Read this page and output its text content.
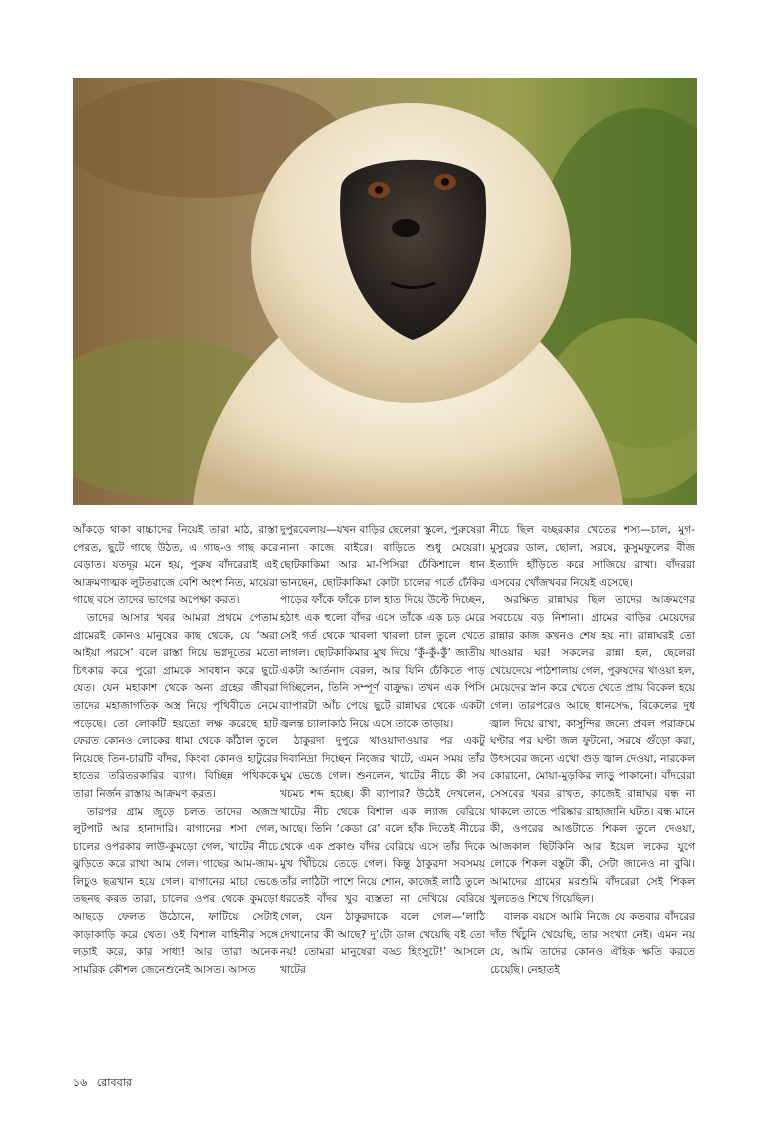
আঁকড়ে থাকা বাচ্চাদের নিয়েই তারা মাঠ, রাস্তা পেরত, ছুটে গাছে উঠত, এ গাছ-ও গাছ করে বেড়াত। যতদূর মনে হয়, পুরুষ বাঁদরেরাই এই আক্রমণাত্মক লুটতরাজে বেশি অংশ নিত, মায়েরা গাছে বসে তাদের ভাগের অপেক্ষা করত।

তাদের আসার খবর আমরা প্রথমে পেতাম গ্রামেরই কোনও মানুষের কাছ থেকে, যে ‘অরা আইয়া পরসে’ বলে রাস্তা দিয়ে ভগ্নদূতের মতো চিৎকার করে পুরো গ্রামকে সাবধান করে ছুটে যেত। যেন মহাকাশ থেকে অন্য গ্রহের জীবরা তাদের মহাজাগতিক অস্ত্র নিয়ে পৃথিবীতে নেমে পড়েছে। তো লোকটি হয়তো লক্ষ করেছে হাট ফেরত কোনও লোকের ধামা থেকে কাঁঠাল তুলে নিয়েছে তিন-চারটি বাঁদর, কিংবা কোনও হাটুরের হাতের তরিতরকারির ব্যাগ। বিচ্ছিন্ন পথিককে তারা নির্জন রাস্তায় আক্রমণ করত।

তারপর গ্রাম জুড়ে চলত তাদের অজস্র লুটপাট আর হানাদারি। বাগানের শসা গেল, চালের ওপরকার লাউ-কুমড়ো গেল, খাটের নীচে ঝুড়িতে করে রাখা আম গেল। গাছের আম-জাম-লিচুও ছত্রখান হয়ে গেল। বাগানের মাচা ভেঙে তছনছ করত তারা, চালের ওপর থেকে কুমড়ো আছড়ে ফেলত উঠোনে, ফাটিয়ে সেটাই কাড়াকাড়ি করে খেত। ওই বিশাল বাহিনীর সঙ্গে লড়াই করে, কার সাধ্য! আর তারা অনেক সামরিক কৌশল জেনেশুনেই আসত। আসত

দুপুরবেলায়—যখন বাড়ির ছেলেরা স্কুলে, পুরুষেরা নানা কাজে বাইরে। বাড়িতে শুধু মেয়েরা। ছোটকাকিমা আর মা-পিসিরা ঢেঁকিশালে ধান ভানছেন, ছোটকাকিমা কোটা চালের গর্তে ঢেঁকির পাড়ের ফাঁকে ফাঁকে চাল হাত দিয়ে উল্টে দিচ্ছেন, হঠাৎ এক হুলো বাঁদর এসে তাঁকে এক চড় মেরে সেই গর্ত থেকে খাবলা খাবলা চাল তুলে খেতে লাগল। ছোটকাকিমার মুখ দিয়ে ‘কুঁ-কুঁ-কুঁ’ জাতীয় একটা আর্তনাদ বেরল, আর যিনি ঢেঁকিতে পাড় দিচ্ছিলেন, তিনি সম্পূর্ণ বাক্রুদ্ধ। তখন এক পিসি ব্যাপারটা আঁচ পেয়ে ছুটে রান্নাঘর থেকে একটা জ্বলন্ত চ্যালাকাঠ নিয়ে এসে তাকে তাড়ায়।

ঠাকুরদা দুপুরে খাওয়াদাওয়ার পর একটু দিবানিদ্রা দিচ্ছেন নিজের খাটে, এমন সময় তাঁর ঘুম ভেঙে গেল। শুনলেন, খাটের নীচে কী সব খচমচ শব্দ হচ্ছে। কী ব্যাপার? উঠেই দেখলেন, খাটের নীচ থেকে বিশাল এক ল্যাজ বেরিয়ে আছে। তিনি ‘কেডা রে’ বলে হাঁক দিতেই নীচের থেকে এক প্রকাণ্ড বাঁদর বেরিয়ে এসে তাঁর দিকে মুখ খিঁচিয়ে তেড়ে গেল। কিন্তু ঠাকুরদা সবসময় তাঁর লাঠিটা পাশে নিয়ে শোন, কাজেই লাঠি তুলে ধরতেই বাঁদর খুব ব্যস্ততা না দেখিয়ে বেরিয়ে গেল, যেন ঠাকুরদাকে বলে গেল—‘লাঠি দেখানোর কী আছে? দু’টো ডাল খেয়েছি বই তো নয়! তোমরা মানুষেরা বড্ড হিংসুটে!’ আসলে খাটের

নীচে ছিল বচ্ছরকার খেতের শস্য—চাল, মুগ-মুসুরের ডাল, ছোলা, সরষে, কুসুমফুলের বীজ ইত্যাদি হাঁড়িতে করে সাজিয়ে রাখা। বাঁদররা এসবের খোঁজখবর নিয়েই এসেছে।

অরক্ষিত রান্নাঘর ছিল তাদের আক্রমণের সবচেয়ে বড় নিশানা। গ্রামের বাড়ির মেয়েদের রান্নার কাজ কখনও শেষ হয় না। রান্নাঘরই তো খাওয়ার ঘর! সকলের রান্না হল, ছেলেরা খেয়েদেয়ে পাঠশালায় গেল, পুরুষদের খাওয়া হল, মেয়েদের স্নান করে খেতে খেতে প্রায় বিকেল হয়ে গেল। তারপরেও আছে ধানসেদ্ধ, বিকেলের দুধ জ্বাল দিয়ে রাখা, কাসুন্দির জন্যে প্রবল পরাক্রমে ঘণ্টার পর ঘণ্টা জল ফুটনো, সরষে গুঁড়ো করা, উৎসবের জন্যে এখো গুড় জ্বাল দেওয়া, নারকেল কোরানো, মোয়া-মুড়কির লাড়ু পাকানো। বাঁদরেরা সেসবের খবর রাখত, কাজেই রান্নাঘর বন্ধ না থাকলে তাতে পরিষ্কার রাহাজানি ঘটত। বন্ধ মানে কী, ওপরের আঙটাতে শিকল তুলে দেওয়া, আজকাল ছিটকিনি আর ইয়েল লকের যুগে লোকে শিকল বস্তুটা কী, সেটা জানেও না বুঝি। আমাদের গ্রামের মরশুমি বাঁদরেরা সেই শিকল খুলতেও শিখে গিয়েছিল।

বালক বয়সে আমি নিজে যে কতবার বাঁদরের দাঁত খিঁচুনি খেয়েছি, তার সংখ্যা নেই। এমন নয় যে, আমি তাদের কোনও ঐহিক ক্ষতি করতে চেয়েছি। নেহাতই

১৬ রোববার
